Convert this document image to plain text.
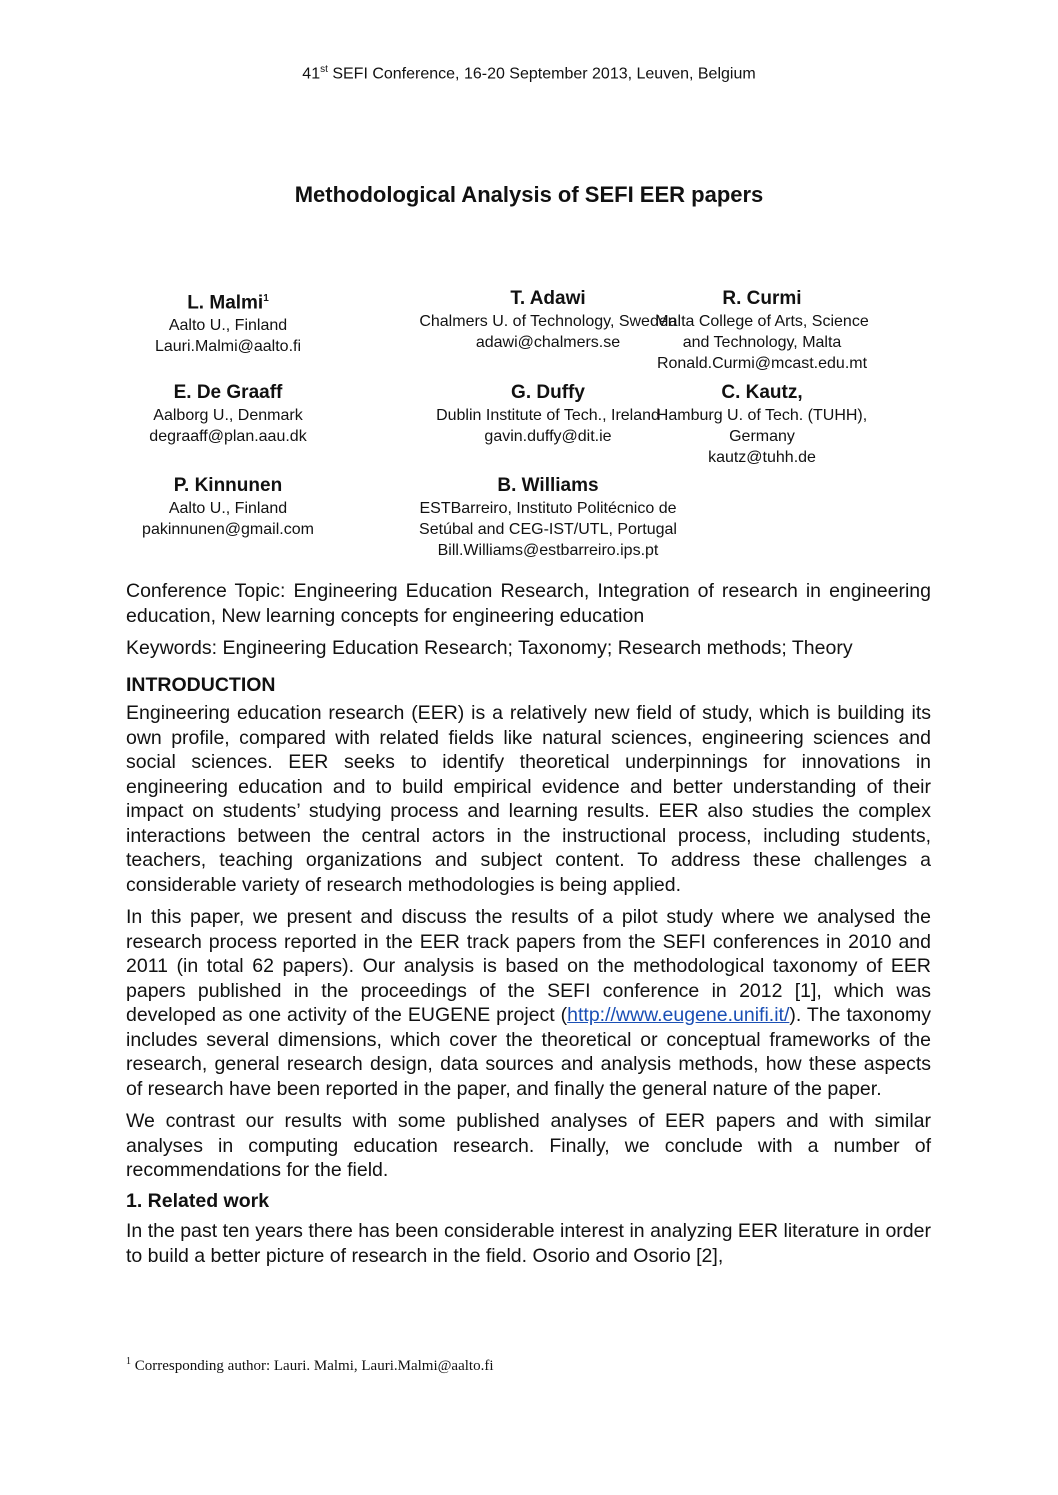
41st SEFI Conference, 16-20 September 2013, Leuven, Belgium
Methodological Analysis of SEFI EER papers
L. Malmi$^1$
Aalto U., Finland
Lauri.Malmi@aalto.fi
T. Adawi
Chalmers U. of Technology, Sweden
adawi@chalmers.se
R. Curmi
Malta College of Arts, Science
and Technology, Malta
Ronald.Curmi@mcast.edu.mt
E. De Graaff
Aalborg U., Denmark
degraaff@plan.aau.dk
G. Duffy
Dublin Institute of Tech., Ireland
gavin.duffy@dit.ie
C. Kautz,
Hamburg U. of Tech. (TUHH),
Germany
kautz@tuhh.de
P. Kinnunen
Aalto U., Finland
pakinnunen@gmail.com
B. Williams
ESTBarreiro, Instituto Politécnico de
Setúbal and CEG-IST/UTL, Portugal
Bill.Williams@estbarreiro.ips.pt

Conference Topic: Engineering Education Research, Integration of research in engineering education, New learning concepts for engineering education

Keywords: Engineering Education Research; Taxonomy; Research methods; Theory

INTRODUCTION

Engineering education research (EER) is a relatively new field of study, which is building its own profile, compared with related fields like natural sciences, engineering sciences and social sciences. EER seeks to identify theoretical underpinnings for innovations in engineering education and to build empirical evidence and better understanding of their impact on students’ studying process and learning results. EER also studies the complex interactions between the central actors in the instructional process, including students, teachers, teaching organizations and subject content. To address these challenges a considerable variety of research methodologies is being applied.

In this paper, we present and discuss the results of a pilot study where we analysed the research process reported in the EER track papers from the SEFI conferences in 2010 and 2011 (in total 62 papers). Our analysis is based on the methodological taxonomy of EER papers published in the proceedings of the SEFI conference in 2012 [1], which was developed as one activity of the EUGENE project (http://www.eugene.unifi.it/). The taxonomy includes several dimensions, which cover the theoretical or conceptual frameworks of the research, general research design, data sources and analysis methods, how these aspects of research have been reported in the paper, and finally the general nature of the paper.

We contrast our results with some published analyses of EER papers and with similar analyses in computing education research. Finally, we conclude with a number of recommendations for the field.

1. Related work

In the past ten years there has been considerable interest in analyzing EER literature in order to build a better picture of research in the field. Osorio and Osorio [2],

$^1$ Corresponding author: Lauri. Malmi, Lauri.Malmi@aalto.fi
